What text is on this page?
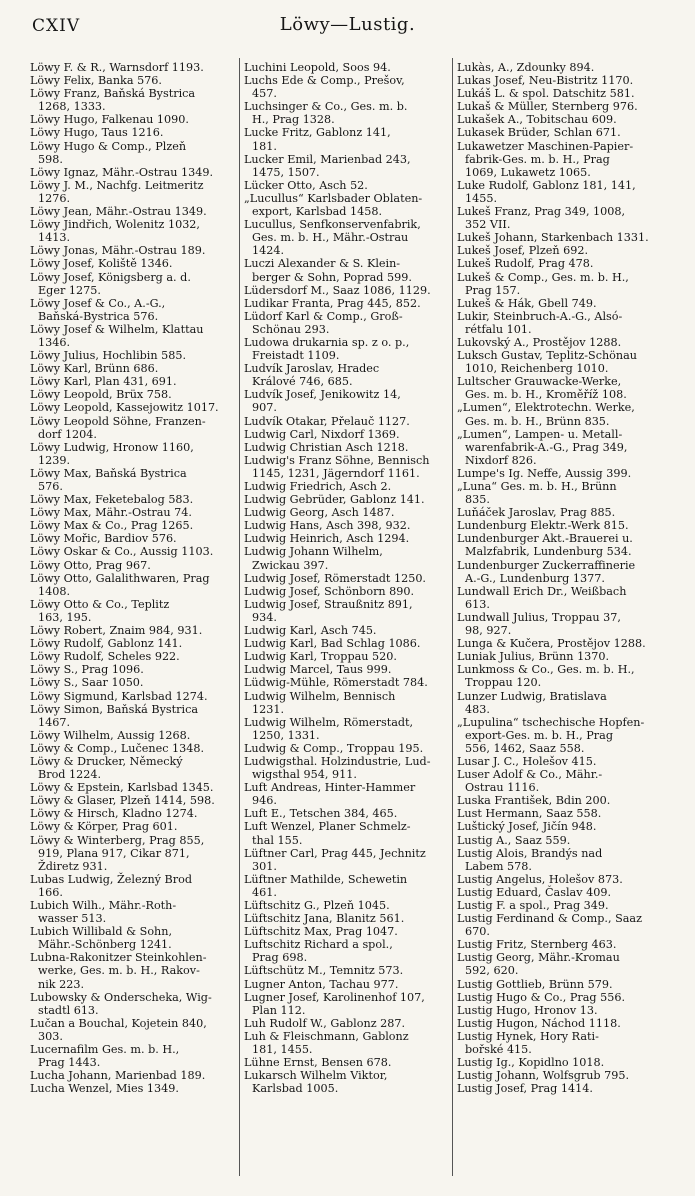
CXIV	Löwy—Lustig.
Löwy F. & R., Warnsdorf 1193.
Löwy Felix, Banka 576.
Löwy Franz, Baňská Bystrica
1268, 1333.
Löwy Hugo, Falkenau 1090.
Löwy Hugo, Taus 1216.
Löwy Hugo & Comp., Plzeň
598.
Löwy Ignaz, Mähr.-Ostrau 1349.
Löwy J. M., Nachfg. Leitmeritz
1276.
Löwy Jean, Mähr.-Ostrau 1349.
Löwy Jindřich, Wolenitz 1032,
1413.
Löwy Jonas, Mähr.-Ostrau 189.
Löwy Josef, Koliště 1346.
Löwy Josef, Königsberg a. d.
Eger 1275.
Löwy Josef & Co., A.-G.,
Baňská-Bystrica 576.
Löwy Josef & Wilhelm, Klattau
1346.
Löwy Julius, Hochlibin 585.
Löwy Karl, Brünn 686.
Löwy Karl, Plan 431, 691.
Löwy Leopold, Brüx 758.
Löwy Leopold, Kassejowitz 1017.
Löwy Leopold Söhne, Franzen-
dorf 1204.
Löwy Ludwig, Hronow 1160,
1239.
Löwy Max, Baňská Bystrica
576.
Löwy Max, Feketebalog 583.
Löwy Max, Mähr.-Ostrau 74.
Löwy Max & Co., Prag 1265.
Löwy Mořic, Bardiov 576.
Löwy Oskar & Co., Aussig 1103.
Löwy Otto, Prag 967.
Löwy Otto, Galalithwaren, Prag
1408.
Löwy Otto & Co., Teplitz
163, 195.
Löwy Robert, Znaim 984, 931.
Löwy Rudolf, Gablonz 141.
Löwy Rudolf, Scheles 922.
Löwy S., Prag 1096.
Löwy S., Saar 1050.
Löwy Sigmund, Karlsbad 1274.
Löwy Simon, Baňská Bystrica
1467.
Löwy Wilhelm, Aussig 1268.
Löwy & Comp., Lučenec 1348.
Löwy & Drucker, Německý
Brod 1224.
Löwy & Epstein, Karlsbad 1345.
Löwy & Glaser, Plzeň 1414, 598.
Löwy & Hirsch, Kladno 1274.
Löwy & Körper, Prag 601.
Löwy & Winterberg, Prag 855,
919, Plana 917, Cikar 871,
Ždiretz 931.
Lubas Ludwig, Železný Brod
166.
Lubich Wilh., Mähr.-Roth-
wasser 513.
Lubich Willibald & Sohn,
Mähr.-Schönberg 1241.
Lubna-Rakonitzer Steinkohlen-
werke, Ges. m. b. H., Rakov-
nik 223.
Lubowsky & Onderscheka, Wig-
stadtl 613.
Lučan a Bouchal, Kojetein 840,
303.
Lucernafilm Ges. m. b. H.,
Prag 1443.
Lucha Johann, Marienbad 189.
Lucha Wenzel, Mies 1349.
Luchini Leopold, Soos 94.
Luchs Ede & Comp., Prešov,
457.
Luchsinger & Co., Ges. m. b.
H., Prag 1328.
Lucke Fritz, Gablonz 141,
181.
Lucker Emil, Marienbad 243,
1475, 1507.
Lücker Otto, Asch 52.
„Lucullus“ Karlsbader Oblaten-
export, Karlsbad 1458.
Lucullus, Senfkonservenfabrik,
Ges. m. b. H., Mähr.-Ostrau
1424.
Luczi Alexander & S. Klein-
berger & Sohn, Poprad 599.
Lüdersdorf M., Saaz 1086, 1129.
Ludikar Franta, Prag 445, 852.
Lüdorf Karl & Comp., Groß-
Schönau 293.
Ludowa drukarnia sp. z o. p.,
Freistadt 1109.
Ludvík Jaroslav, Hradec
Králové 746, 685.
Ludvík Josef, Jenikowitz 14,
907.
Ludvík Otakar, Přelauč 1127.
Ludwig Carl, Nixdorf 1369.
Ludwig Christian Asch 1218.
Ludwig's Franz Söhne, Bennisch
1145, 1231, Jägerndorf 1161.
Ludwig Friedrich, Asch 2.
Ludwig Gebrüder, Gablonz 141.
Ludwig Georg, Asch 1487.
Ludwig Hans, Asch 398, 932.
Ludwig Heinrich, Asch 1294.
Ludwig Johann Wilhelm,
Zwickau 397.
Ludwig Josef, Römerstadt 1250.
Ludwig Josef, Schönborn 890.
Ludwig Josef, Straußnitz 891,
934.
Ludwig Karl, Asch 745.
Ludwig Karl, Bad Schlag 1086.
Ludwig Karl, Troppau 520.
Ludwig Marcel, Taus 999.
Lüdwig-Mühle, Römerstadt 784.
Ludwig Wilhelm, Bennisch
1231.
Ludwig Wilhelm, Römerstadt,
1250, 1331.
Ludwig & Comp., Troppau 195.
Ludwigsthal. Holzindustrie, Lud-
wigsthal 954, 911.
Luft Andreas, Hinter-Hammer
946.
Luft E., Tetschen 384, 465.
Luft Wenzel, Planer Schmelz-
thal 155.
Lüftner Carl, Prag 445, Jechnitz
301.
Lüftner Mathilde, Schewetin
461.
Lüftschitz G., Plzeň 1045.
Lüftschitz Jana, Blanitz 561.
Lüftschitz Max, Prag 1047.
Luftschitz Richard a spol.,
Prag 698.
Lüftschütz M., Temnitz 573.
Lugner Anton, Tachau 977.
Lugner Josef, Karolinenhof 107,
Plan 112.
Luh Rudolf W., Gablonz 287.
Luh & Fleischmann, Gablonz
181, 1455.
Lühne Ernst, Bensen 678.
Lukarsch Wilhelm Viktor,
Karlsbad 1005.
Lukàs, A., Zdounky 894.
Lukas Josef, Neu-Bistritz 1170.
Lukáš L. & spol. Datschitz 581.
Lukaš & Müller, Sternberg 976.
Lukašek A., Tobitschau 609.
Lukasek Brüder, Schlan 671.
Lukawetzer Maschinen-Papier-
fabrik-Ges. m. b. H., Prag
1069, Lukawetz 1065.
Luke Rudolf, Gablonz 181, 141,
1455.
Lukeš Franz, Prag 349, 1008,
352 VII.
Lukeš Johann, Starkenbach 1331.
Lukeš Josef, Plzeň 692.
Lukeš Rudolf, Prag 478.
Lukeš & Comp., Ges. m. b. H.,
Prag 157.
Lukeš & Hák, Gbell 749.
Lukir, Steinbruch-A.-G., Alsó-
rétfalu 101.
Lukovský A., Prostějov 1288.
Luksch Gustav, Teplitz-Schönau
1010, Reichenberg 1010.
Lultscher Grauwacke-Werke,
Ges. m. b. H., Kroměříž 108.
„Lumen“, Elektrotechn. Werke,
Ges. m. b. H., Brünn 835.
„Lumen“, Lampen- u. Metall-
warenfabrik-A.-G., Prag 349,
Nixdorf 826.
Lumpe's Ig. Neffe, Aussig 399.
„Luna“ Ges. m. b. H., Brünn
835.
Luňáček Jaroslav, Prag 885.
Lundenburg Elektr.-Werk 815.
Lundenburger Akt.-Brauerei u.
Malzfabrik, Lundenburg 534.
Lundenburger Zuckerraffinerie
A.-G., Lundenburg 1377.
Lundwall Erich Dr., Weißbach
613.
Lundwall Julius, Troppau 37,
98, 927.
Lunga & Kučera, Prostějov 1288.
Luniak Julius, Brünn 1370.
Lunkmoss & Co., Ges. m. b. H.,
Troppau 120.
Lunzer Ludwig, Bratislava
483.
„Lupulina“ tschechische Hopfen-
export-Ges. m. b. H., Prag
556, 1462, Saaz 558.
Lusar J. C., Holešov 415.
Luser Adolf & Co., Mähr.-
Ostrau 1116.
Luska František, Bdin 200.
Lust Hermann, Saaz 558.
Luštický Josef, Jičín 948.
Lustig A., Saaz 559.
Lustig Alois, Brandýs nad
Labem 578.
Lustig Angelus, Holešov 873.
Lustig Eduard, Časlav 409.
Lustig F. a spol., Prag 349.
Lustig Ferdinand & Comp., Saaz
670.
Lustig Fritz, Sternberg 463.
Lustig Georg, Mähr.-Kromau
592, 620.
Lustig Gottlieb, Brünn 579.
Lustig Hugo & Co., Prag 556.
Lustig Hugo, Hronov 13.
Lustig Hugon, Náchod 1118.
Lustig Hynek, Hory Rati-
bořské 415.
Lustig Ig., Kopidlno 1018.
Lustig Johann, Wolfsgrub 795.
Lustig Josef, Prag 1414.
